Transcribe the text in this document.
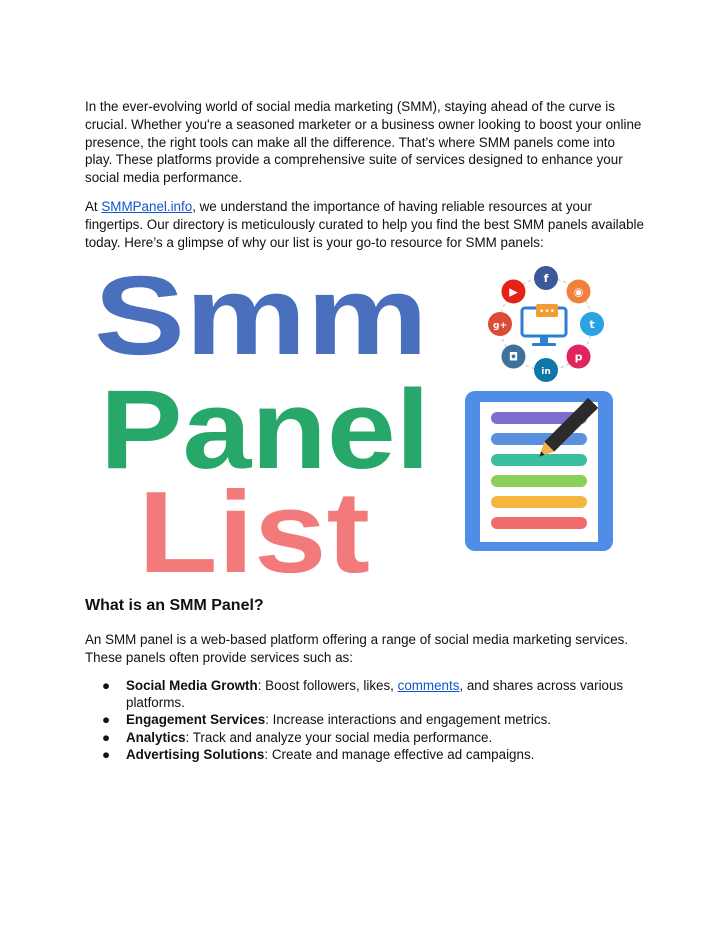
In the ever-evolving world of social media marketing (SMM), staying ahead of the curve is crucial. Whether you're a seasoned marketer or a business owner looking to boost your online presence, the right tools can make all the difference. That’s where SMM panels come into play. These platforms provide a comprehensive suite of services designed to enhance your social media performance.

At SMMPanel.info, we understand the importance of having reliable resources at your fingertips. Our directory is meticulously curated to help you find the best SMM panels available today. Here’s a glimpse of why our list is your go-to resource for SMM panels:

Smm
Panel
List
•••
f
◉
t
p
in
◘
g+
▶
What is an SMM Panel?

An SMM panel is a web-based platform offering a range of social media marketing services. These panels often provide services such as:

● Social Media Growth: Boost followers, likes, comments, and shares across various platforms.
● Engagement Services: Increase interactions and engagement metrics.
● Analytics: Track and analyze your social media performance.
● Advertising Solutions: Create and manage effective ad campaigns.
